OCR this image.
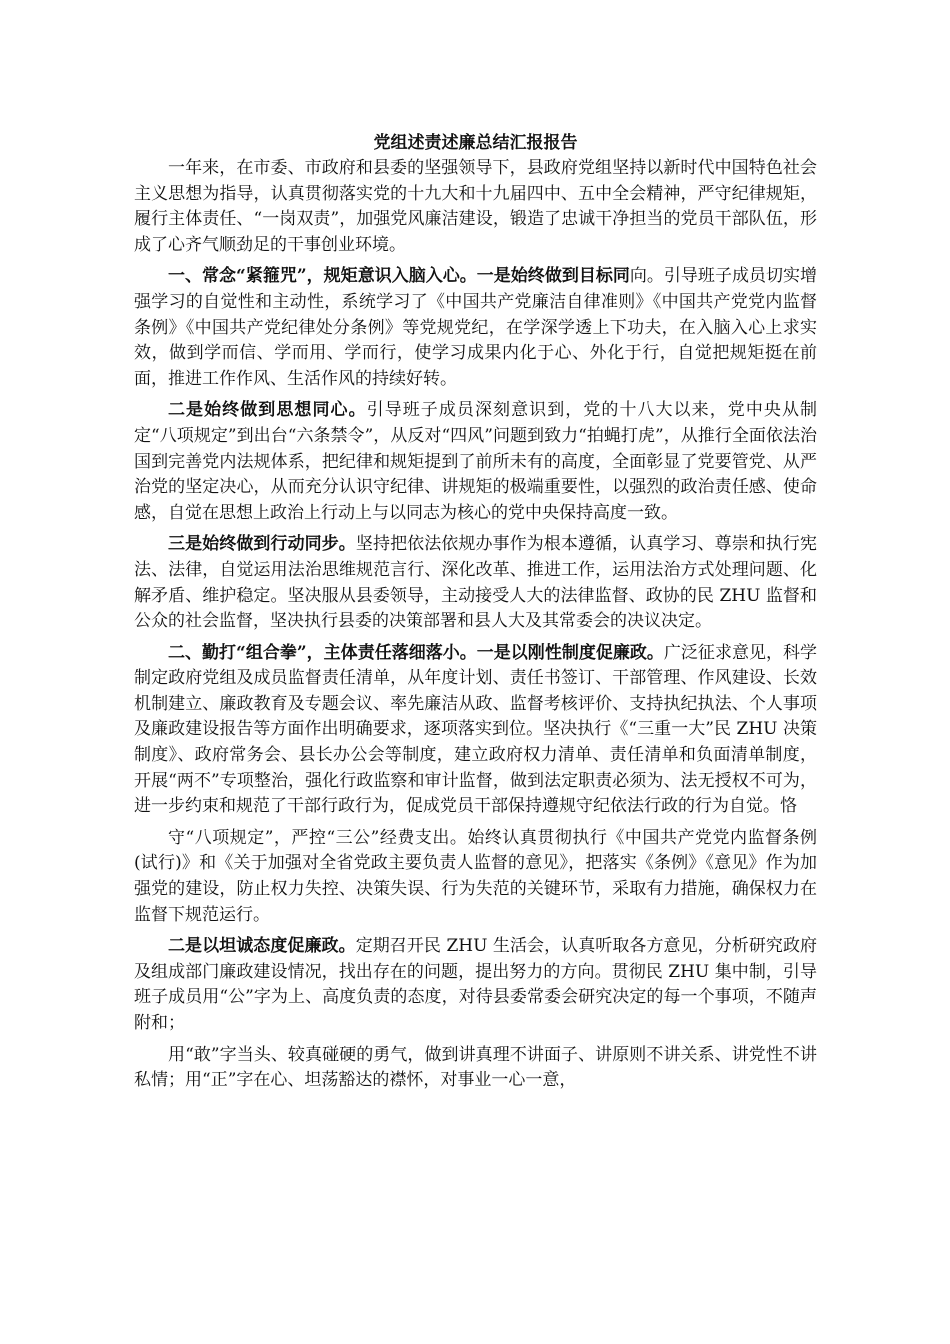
党组述责述廉总结汇报报告

一年来，在市委、市政府和县委的坚强领导下，县政府党组坚持以新时代中国特色社会主义思想为指导，认真贯彻落实党的十九大和十九届四中、五中全会精神，严守纪律规矩，履行主体责任、“一岗双责”，加强党风廉洁建设，锻造了忠诚干净担当的党员干部队伍，形成了心齐气顺劲足的干事创业环境。

一、常念“紧箍咒”，规矩意识入脑入心。一是始终做到目标同向。引导班子成员切实增强学习的自觉性和主动性，系统学习了《中国共产党廉洁自律准则》《中国共产党党内监督条例》《中国共产党纪律处分条例》等党规党纪，在学深学透上下功夫，在入脑入心上求实效，做到学而信、学而用、学而行，使学习成果内化于心、外化于行，自觉把规矩挺在前面，推进工作作风、生活作风的持续好转。

二是始终做到思想同心。引导班子成员深刻意识到，党的十八大以来，党中央从制定“八项规定”到出台“六条禁令”，从反对“四风”问题到致力“拍蝇打虎”，从推行全面依法治国到完善党内法规体系，把纪律和规矩提到了前所未有的高度，全面彰显了党要管党、从严治党的坚定决心，从而充分认识守纪律、讲规矩的极端重要性，以强烈的政治责任感、使命感，自觉在思想上政治上行动上与以同志为核心的党中央保持高度一致。

三是始终做到行动同步。坚持把依法依规办事作为根本遵循，认真学习、尊崇和执行宪法、法律，自觉运用法治思维规范言行、深化改革、推进工作，运用法治方式处理问题、化解矛盾、维护稳定。坚决服从县委领导，主动接受人大的法律监督、政协的民 ZHU 监督和公众的社会监督，坚决执行县委的决策部署和县人大及其常委会的决议决定。

二、勤打“组合拳”，主体责任落细落小。一是以刚性制度促廉政。广泛征求意见，科学制定政府党组及成员监督责任清单，从年度计划、责任书签订、干部管理、作风建设、长效机制建立、廉政教育及专题会议、率先廉洁从政、监督考核评价、支持执纪执法、个人事项及廉政建设报告等方面作出明确要求，逐项落实到位。坚决执行《“三重一大”民 ZHU 决策制度》、政府常务会、县长办公会等制度，建立政府权力清单、责任清单和负面清单制度，开展“两不”专项整治，强化行政监察和审计监督，做到法定职责必须为、法无授权不可为，进一步约束和规范了干部行政行为，促成党员干部保持遵规守纪依法行政的行为自觉。恪

守“八项规定”，严控“三公”经费支出。始终认真贯彻执行《中国共产党党内监督条例(试行)》和《关于加强对全省党政主要负责人监督的意见》，把落实《条例》《意见》作为加强党的建设，防止权力失控、决策失误、行为失范的关键环节，采取有力措施，确保权力在监督下规范运行。

二是以坦诚态度促廉政。定期召开民 ZHU 生活会，认真听取各方意见，分析研究政府及组成部门廉政建设情况，找出存在的问题，提出努力的方向。贯彻民 ZHU 集中制，引导班子成员用“公”字为上、高度负责的态度，对待县委常委会研究决定的每一个事项，不随声附和；

用“敢”字当头、较真碰硬的勇气，做到讲真理不讲面子、讲原则不讲关系、讲党性不讲私情；用“正”字在心、坦荡豁达的襟怀，对事业一心一意，
